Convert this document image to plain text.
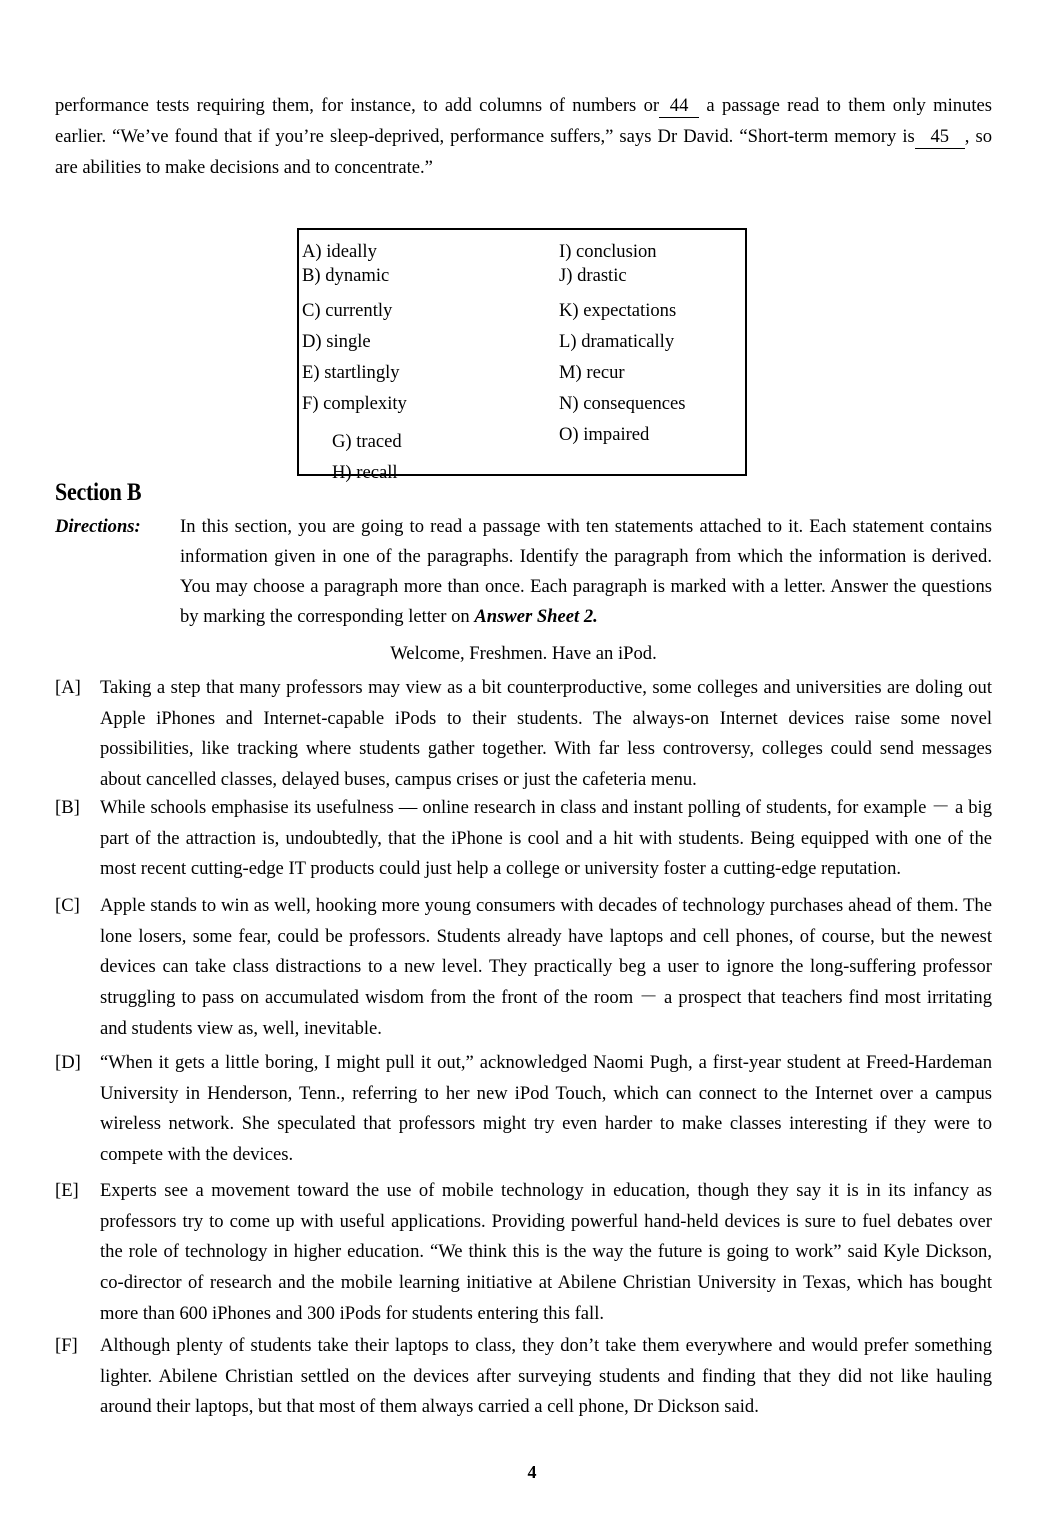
performance tests requiring them, for instance, to add columns of numbers or 44 a passage read to them only minutes earlier. “We’ve found that if you’re sleep-deprived, performance suffers,” says Dr David. “Short-term memory is 45 , so are abilities to make decisions and to concentrate.”
A) ideally
B) dynamic
C) currently
D) single
E) startlingly
F) complexity
G) traced
H) recall
I) conclusion
J) drastic
K) expectations
L) dramatically
M) recur
N) consequences
O) impaired
Section B
Directions:	In this section, you are going to read a passage with ten statements attached to it. Each statement contains information given in one of the paragraphs. Identify the paragraph from which the information is derived. You may choose a paragraph more than once. Each paragraph is marked with a letter. Answer the questions by marking the corresponding letter on Answer Sheet 2.
Welcome, Freshmen. Have an iPod.
[A]	Taking a step that many professors may view as a bit counterproductive, some colleges and universities are doling out Apple iPhones and Internet-capable iPods to their students. The always-on Internet devices raise some novel possibilities, like tracking where students gather together. With far less controversy, colleges could send messages about cancelled classes, delayed buses, campus crises or just the cafeteria menu.
[B]	While schools emphasise its usefulness — online research in class and instant polling of students, for example － a big part of the attraction is, undoubtedly, that the iPhone is cool and a hit with students. Being equipped with one of the most recent cutting-edge IT products could just help a college or university foster a cutting-edge reputation.
[C]	Apple stands to win as well, hooking more young consumers with decades of technology purchases ahead of them. The lone losers, some fear, could be professors. Students already have laptops and cell phones, of course, but the newest devices can take class distractions to a new level. They practically beg a user to ignore the long-suffering professor struggling to pass on accumulated wisdom from the front of the room － a prospect that teachers find most irritating and students view as, well, inevitable.
[D]	“When it gets a little boring, I might pull it out,” acknowledged Naomi Pugh, a first-year student at Freed-Hardeman University in Henderson, Tenn., referring to her new iPod Touch, which can connect to the Internet over a campus wireless network. She speculated that professors might try even harder to make classes interesting if they were to compete with the devices.
[E]	Experts see a movement toward the use of mobile technology in education, though they say it is in its infancy as professors try to come up with useful applications. Providing powerful hand-held devices is sure to fuel debates over the role of technology in higher education. “We think this is the way the future is going to work” said Kyle Dickson, co-director of research and the mobile learning initiative at Abilene Christian University in Texas, which has bought more than 600 iPhones and 300 iPods for students entering this fall.
[F]	Although plenty of students take their laptops to class, they don’t take them everywhere and would prefer something lighter. Abilene Christian settled on the devices after surveying students and finding that they did not like hauling around their laptops, but that most of them always carried a cell phone, Dr Dickson said.
4
